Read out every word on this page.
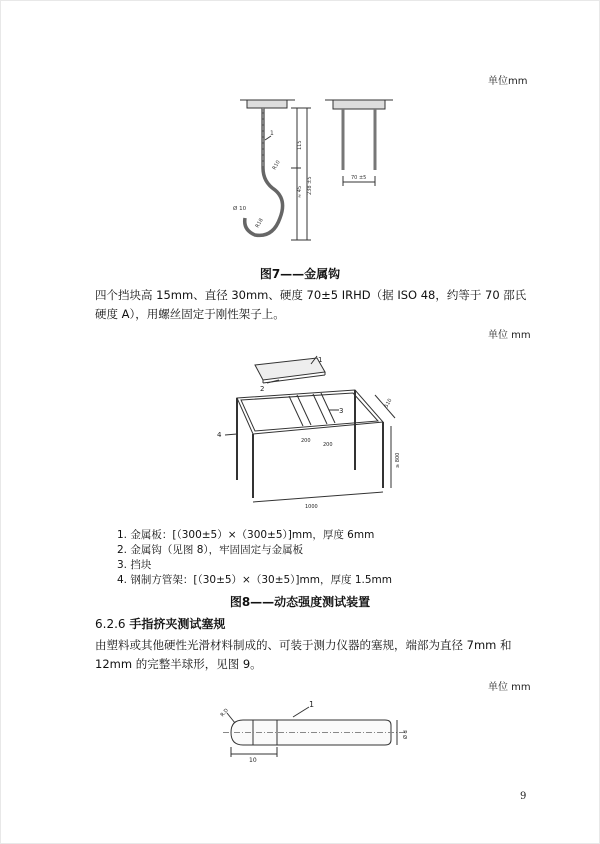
单位mm
1
115
238 ±5
≈ 45
R10
Ø 10
R18
70 ±5
图7——金属钩
四个挡块高 15mm、直径 30mm、硬度 70±5 IRHD（据 ISO 48，约等于 70 邵氏硬度 A），用螺丝固定于刚性架子上。
单位 mm
1
2
3
4
200
200
510
≥ 800
1000
1. 金属板：[（300±5）×（300±5）]mm，厚度 6mm
2. 金属钩（见图 8），牢固固定与金属板
3. 挡块
4. 钢制方管架：[（30±5）×（30±5）]mm，厚度 1.5mm
图8——动态强度测试装置
6.2.6 手指挤夹测试塞规
由塑料或其他硬性光滑材料制成的、可装于测力仪器的塞规，端部为直径 7mm 和 12mm 的完整半球形，见图 9。
单位 mm
1
R.D
10
Ø d
9
